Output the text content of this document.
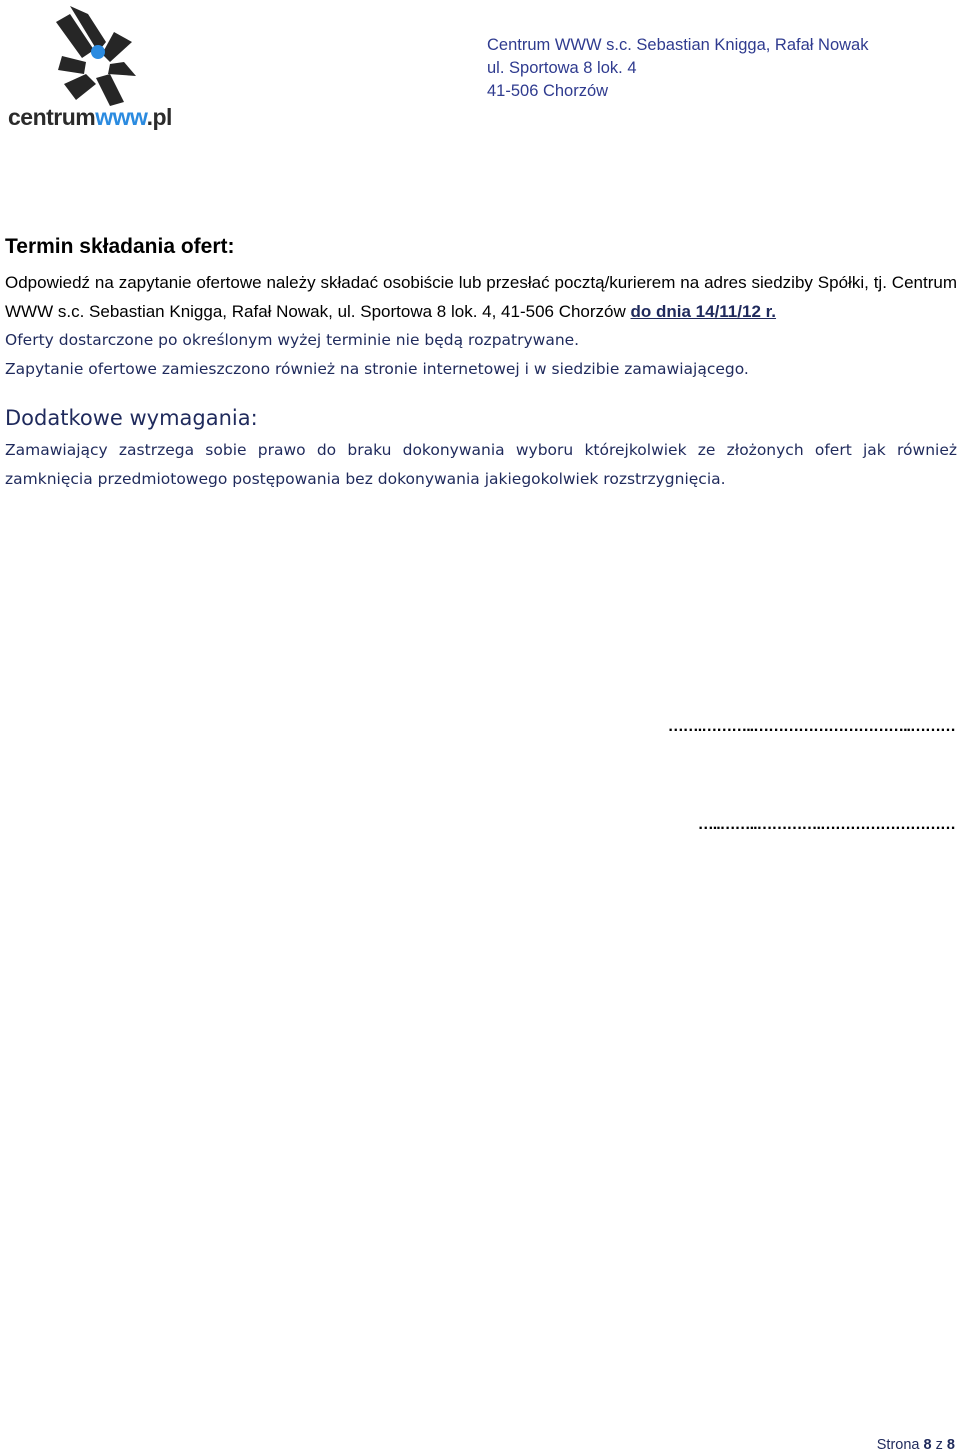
centrumwww.pl
Centrum WWW s.c. Sebastian Knigga, Rafał Nowak
ul. Sportowa 8 lok. 4
41-506 Chorzów
Termin składania ofert:

Odpowiedź na zapytanie ofertowe należy składać osobiście lub przesłać pocztą/kurierem na adres siedziby Spółki, tj. Centrum WWW s.c. Sebastian Knigga, Rafał Nowak, ul. Sportowa 8 lok. 4, 41-506 Chorzów do dnia 14/11/12 r.

Oferty dostarczone po określonym wyżej terminie nie będą rozpatrywane.

Zapytanie ofertowe zamieszczono również na stronie internetowej i w siedzibie zamawiającego.

Dodatkowe wymagania:

Zamawiający zastrzega sobie prawo do braku dokonywania wyboru którejkolwiek ze złożonych ofert jak również zamknięcia przedmiotowego postępowania bez dokonywania jakiegokolwiek rozstrzygnięcia.

…….………..…………………………..………
…..……..………….………………………
Strona 8 z 8
